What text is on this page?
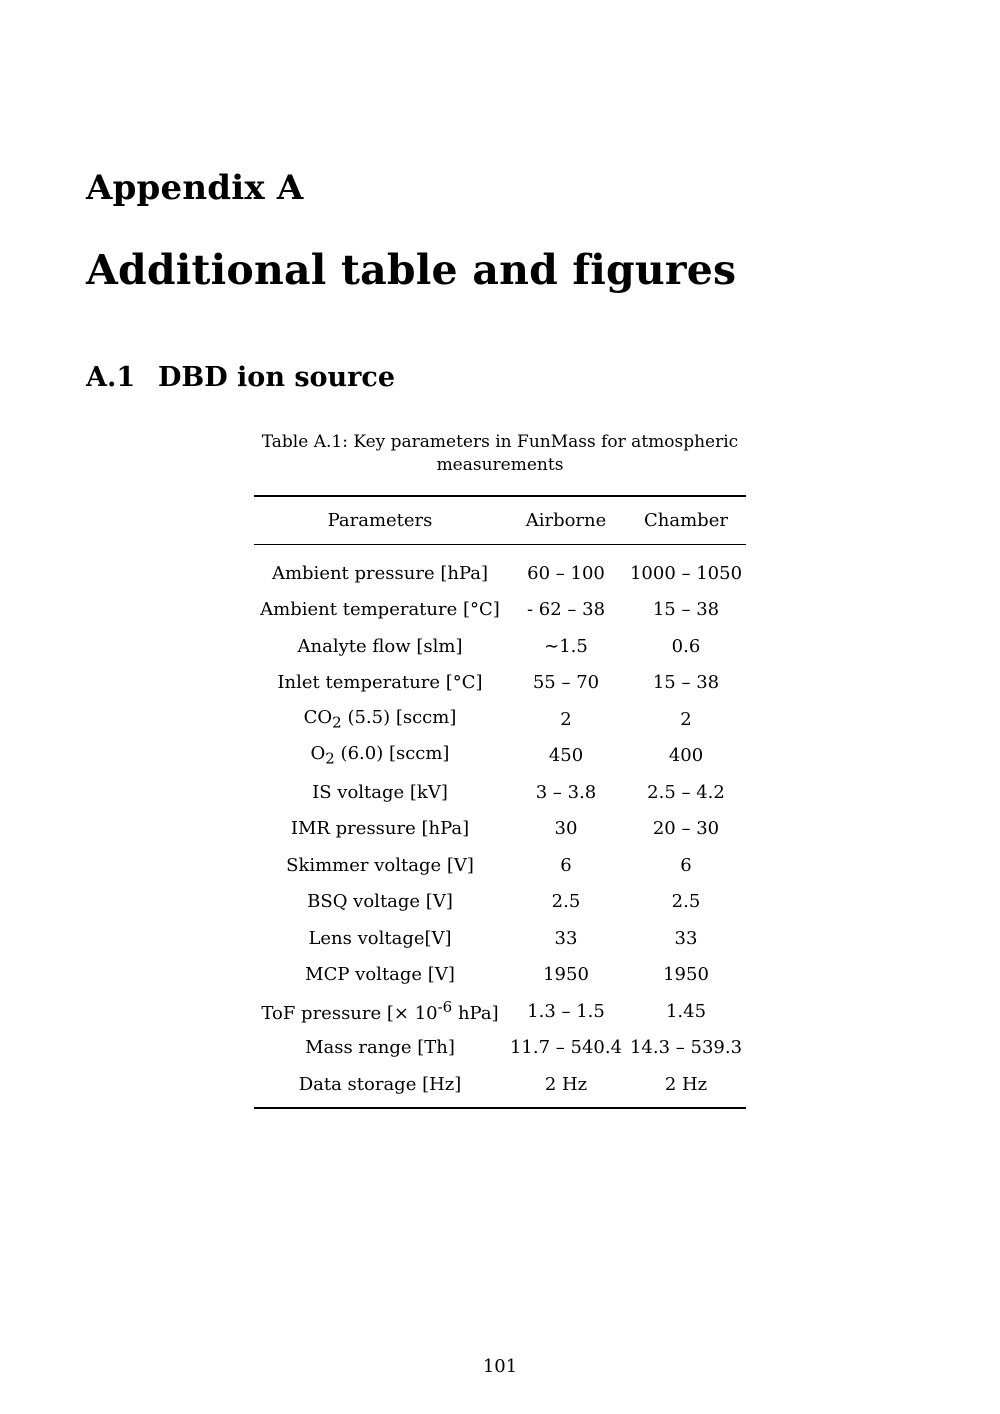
Appendix A
Additional table and figures
A.1 DBD ion source

Table A.1: Key parameters in FunMass for atmospheric measurements

Parameters	Airborne	Chamber
Ambient pressure [hPa]	60 – 100	1000 – 1050
Ambient temperature [°C]	- 62 – 38	15 – 38
Analyte flow [slm]	∼1.5	0.6
Inlet temperature [°C]	55 – 70	15 – 38
$CO_2$ (5.5) [sccm]	2	2
$O_2$ (6.0) [sccm]	450	400
IS voltage [kV]	3 – 3.8	2.5 – 4.2
IMR pressure [hPa]	30	20 – 30
Skimmer voltage [V]	6	6
BSQ voltage [V]	2.5	2.5
Lens voltage[V]	33	33
MCP voltage [V]	1950	1950
ToF pressure [× $10^{-6}$ hPa]	1.3 – 1.5	1.45
Mass range [Th]	11.7 – 540.4	14.3 – 539.3
Data storage [Hz]	2 Hz	2 Hz

101
